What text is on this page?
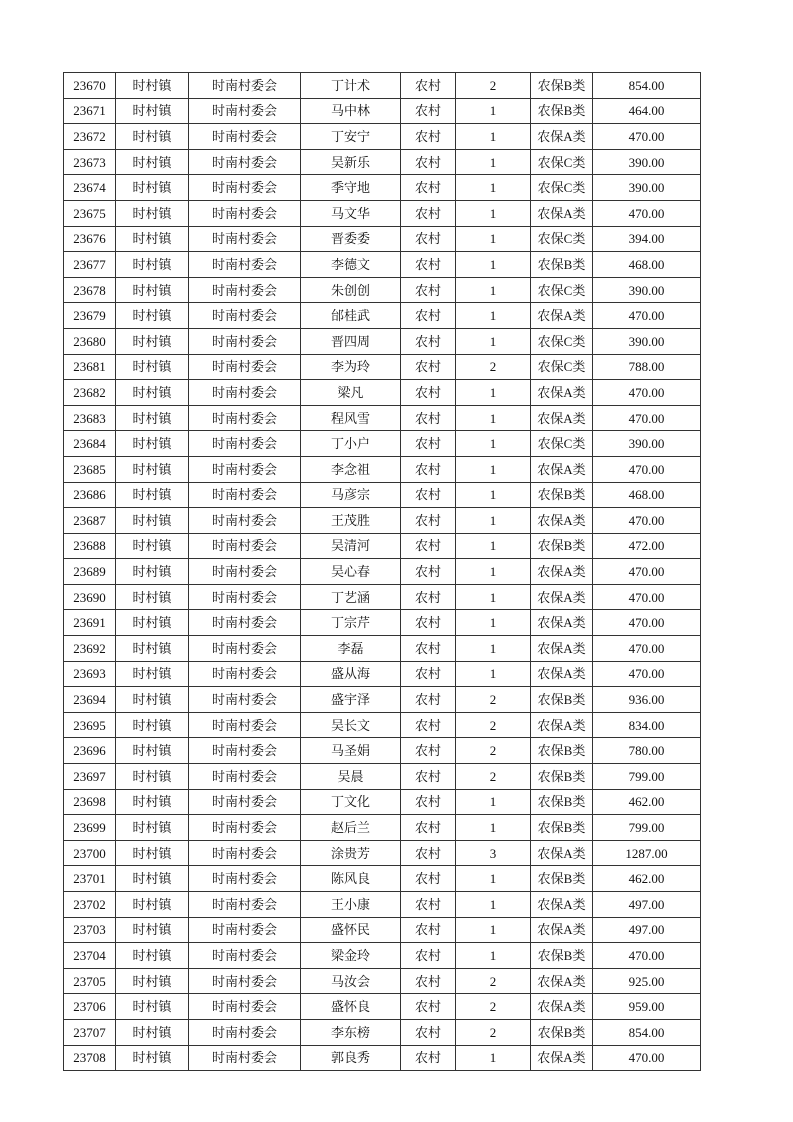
23670	时村镇	时南村委会	丁计术	农村	2	农保B类	854.00
23671	时村镇	时南村委会	马中林	农村	1	农保B类	464.00
23672	时村镇	时南村委会	丁安宁	农村	1	农保A类	470.00
23673	时村镇	时南村委会	吴新乐	农村	1	农保C类	390.00
23674	时村镇	时南村委会	季守地	农村	1	农保C类	390.00
23675	时村镇	时南村委会	马文华	农村	1	农保A类	470.00
23676	时村镇	时南村委会	晋委委	农村	1	农保C类	394.00
23677	时村镇	时南村委会	李德文	农村	1	农保B类	468.00
23678	时村镇	时南村委会	朱创创	农村	1	农保C类	390.00
23679	时村镇	时南村委会	邰桂武	农村	1	农保A类	470.00
23680	时村镇	时南村委会	晋四周	农村	1	农保C类	390.00
23681	时村镇	时南村委会	李为玲	农村	2	农保C类	788.00
23682	时村镇	时南村委会	梁凡	农村	1	农保A类	470.00
23683	时村镇	时南村委会	程风雪	农村	1	农保A类	470.00
23684	时村镇	时南村委会	丁小户	农村	1	农保C类	390.00
23685	时村镇	时南村委会	李念祖	农村	1	农保A类	470.00
23686	时村镇	时南村委会	马彦宗	农村	1	农保B类	468.00
23687	时村镇	时南村委会	王茂胜	农村	1	农保A类	470.00
23688	时村镇	时南村委会	吴清河	农村	1	农保B类	472.00
23689	时村镇	时南村委会	吴心春	农村	1	农保A类	470.00
23690	时村镇	时南村委会	丁艺涵	农村	1	农保A类	470.00
23691	时村镇	时南村委会	丁宗芹	农村	1	农保A类	470.00
23692	时村镇	时南村委会	李磊	农村	1	农保A类	470.00
23693	时村镇	时南村委会	盛从海	农村	1	农保A类	470.00
23694	时村镇	时南村委会	盛宇泽	农村	2	农保B类	936.00
23695	时村镇	时南村委会	吴长文	农村	2	农保A类	834.00
23696	时村镇	时南村委会	马圣娟	农村	2	农保B类	780.00
23697	时村镇	时南村委会	吴晨	农村	2	农保B类	799.00
23698	时村镇	时南村委会	丁文化	农村	1	农保B类	462.00
23699	时村镇	时南村委会	赵后兰	农村	1	农保B类	799.00
23700	时村镇	时南村委会	涂贵芳	农村	3	农保A类	1287.00
23701	时村镇	时南村委会	陈风良	农村	1	农保B类	462.00
23702	时村镇	时南村委会	王小康	农村	1	农保A类	497.00
23703	时村镇	时南村委会	盛怀民	农村	1	农保A类	497.00
23704	时村镇	时南村委会	梁金玲	农村	1	农保B类	470.00
23705	时村镇	时南村委会	马汝会	农村	2	农保A类	925.00
23706	时村镇	时南村委会	盛怀良	农村	2	农保A类	959.00
23707	时村镇	时南村委会	李东榜	农村	2	农保B类	854.00
23708	时村镇	时南村委会	郭良秀	农村	1	农保A类	470.00
